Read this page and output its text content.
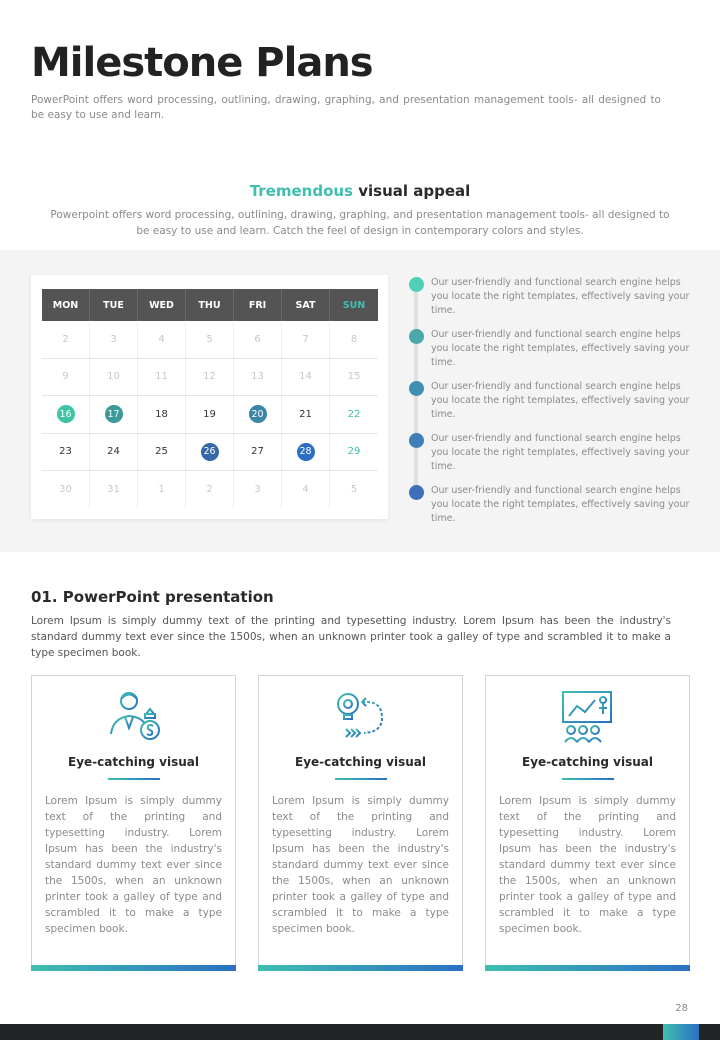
Milestone Plans
PowerPoint offers word processing, outlining, drawing, graphing, and presentation management tools- all designed to be easy to use and learn.
Tremendous visual appeal
Powerpoint offers word processing, outlining, drawing, graphing, and presentation management tools- all designed to be easy to use and learn. Catch the feel of design in contemporary colors and styles.
MON	TUE	WED	THU	FRI	SAT	SUN
2	3	4	5	6	7	8
9	10	11	12	13	14	15
16	17	18	19	20	21	22
23	24	25	26	27	28	29
30	31	1	2	3	4	5
Our user-friendly and functional search engine helps you locate the right templates, effectively saving your time.
Our user-friendly and functional search engine helps you locate the right templates, effectively saving your time.
Our user-friendly and functional search engine helps you locate the right templates, effectively saving your time.
Our user-friendly and functional search engine helps you locate the right templates, effectively saving your time.
Our user-friendly and functional search engine helps you locate the right templates, effectively saving your time.
01. PowerPoint presentation
Lorem Ipsum is simply dummy text of the printing and typesetting industry. Lorem Ipsum has been the industry's standard dummy text ever since the 1500s, when an unknown printer took a galley of type and scrambled it to make a type specimen book.
Eye-catching visual
Lorem Ipsum is simply dummy text of the printing and typesetting industry. Lorem Ipsum has been the industry's standard dummy text ever since the 1500s, when an unknown printer took a galley of type and scrambled it to make a type specimen book.
Eye-catching visual
Lorem Ipsum is simply dummy text of the printing and typesetting industry. Lorem Ipsum has been the industry's standard dummy text ever since the 1500s, when an unknown printer took a galley of type and scrambled it to make a type specimen book.
Eye-catching visual
Lorem Ipsum is simply dummy text of the printing and typesetting industry. Lorem Ipsum has been the industry's standard dummy text ever since the 1500s, when an unknown printer took a galley of type and scrambled it to make a type specimen book.
28
